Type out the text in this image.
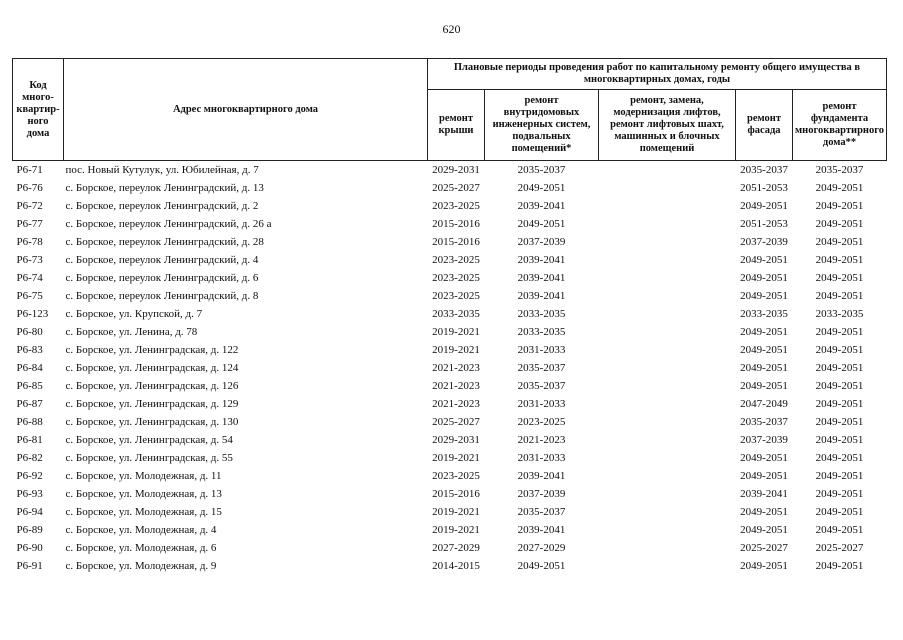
620
Код много-квартир-ного дома	Адрес многоквартирного дома	Плановые периоды проведения работ по капитальному ремонту общего имущества в многоквартирных домах, годы				
		ремонт крыши	ремонт внутридомовых инженерных систем, подвальных помещений*	ремонт, замена, модернизация лифтов, ремонт лифтовых шахт, машинных и блочных помещений	ремонт фасада	ремонт фундамента многоквартирного дома**
Р6-71	пос. Новый Кутулук, ул. Юбилейная, д. 7	2029-2031	2035-2037		2035-2037	2035-2037
Р6-76	с. Борское, переулок Ленинградский, д. 13	2025-2027	2049-2051		2051-2053	2049-2051
Р6-72	с. Борское, переулок Ленинградский, д. 2	2023-2025	2039-2041		2049-2051	2049-2051
Р6-77	с. Борское, переулок Ленинградский, д. 26 а	2015-2016	2049-2051		2051-2053	2049-2051
Р6-78	с. Борское, переулок Ленинградский, д. 28	2015-2016	2037-2039		2037-2039	2049-2051
Р6-73	с. Борское, переулок Ленинградский, д. 4	2023-2025	2039-2041		2049-2051	2049-2051
Р6-74	с. Борское, переулок Ленинградский, д. 6	2023-2025	2039-2041		2049-2051	2049-2051
Р6-75	с. Борское, переулок Ленинградский, д. 8	2023-2025	2039-2041		2049-2051	2049-2051
Р6-123	с. Борское, ул. Крупской, д. 7	2033-2035	2033-2035		2033-2035	2033-2035
Р6-80	с. Борское, ул. Ленина, д. 78	2019-2021	2033-2035		2049-2051	2049-2051
Р6-83	с. Борское, ул. Ленинградская, д. 122	2019-2021	2031-2033		2049-2051	2049-2051
Р6-84	с. Борское, ул. Ленинградская, д. 124	2021-2023	2035-2037		2049-2051	2049-2051
Р6-85	с. Борское, ул. Ленинградская, д. 126	2021-2023	2035-2037		2049-2051	2049-2051
Р6-87	с. Борское, ул. Ленинградская, д. 129	2021-2023	2031-2033		2047-2049	2049-2051
Р6-88	с. Борское, ул. Ленинградская, д. 130	2025-2027	2023-2025		2035-2037	2049-2051
Р6-81	с. Борское, ул. Ленинградская, д. 54	2029-2031	2021-2023		2037-2039	2049-2051
Р6-82	с. Борское, ул. Ленинградская, д. 55	2019-2021	2031-2033		2049-2051	2049-2051
Р6-92	с. Борское, ул. Молодежная, д. 11	2023-2025	2039-2041		2049-2051	2049-2051
Р6-93	с. Борское, ул. Молодежная, д. 13	2015-2016	2037-2039		2039-2041	2049-2051
Р6-94	с. Борское, ул. Молодежная, д. 15	2019-2021	2035-2037		2049-2051	2049-2051
Р6-89	с. Борское, ул. Молодежная, д. 4	2019-2021	2039-2041		2049-2051	2049-2051
Р6-90	с. Борское, ул. Молодежная, д. 6	2027-2029	2027-2029		2025-2027	2025-2027
Р6-91	с. Борское, ул. Молодежная, д. 9	2014-2015	2049-2051		2049-2051	2049-2051
